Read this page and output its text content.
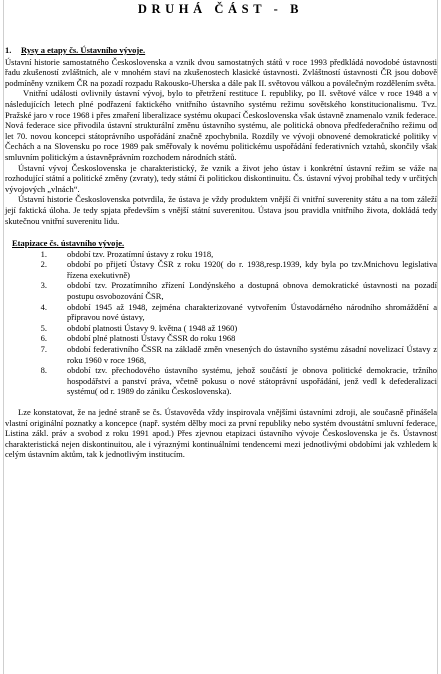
DRUHÁ ČÁST - B

1. Rysy a etapy čs. Ústavního vývoje.

Ústavní historie samostatného Československa a vznik dvou samostatných států v roce 1993 předkládá novodobé ústavnosti řadu zkušeností zvláštních, ale v mnohém staví na zkušenostech klasické ústavnosti. Zvláštností ústavnosti ČR jsou dobově podmíněny vznikem ČR na pozadí rozpadu Rakousko-Uherska a dále pak II. světovou válkou a poválečným rozdělením světa.

Vnitřní události ovlivnily ústavní vývoj, bylo to přetržení restituce I. republiky, po II. světové válce v roce 1948 a v následujících letech plné podřazení faktického vnitřního ústavního systému režimu sovětského konstitucionalismu. Tvz. Pražské jaro v roce 1968 i přes zmaření liberalizace systému okupací Československa však ústavně znamenalo vznik federace. Nová federace sice přivodila ústavní strukturální změnu ústavního systému, ale politická obnova předfederačního režimu od let 70. novou koncepci státoprávního uspořádání značně zpochybnila. Rozdíly ve vývoji obnovené demokratické politiky v Čechách a na Slovensku po roce 1989 pak směřovaly k novému politickému uspořádání federativních vztahů, skončily však smluvním politickým a ústavněprávním rozchodem národních států.

Ústavní vývoj Československa je charakteristický, že vznik a život jeho ústav i konkrétní ústavní režim se váže na rozhodující státní a politické změny (zvraty), tedy státní či politickou diskontinuitu. Čs. ústavní vývoj probíhal tedy v určitých vývojových „vlnách“.

Ústavní historie Československa potvrdila, že ústava je vždy produktem vnější či vnitřní suverenity státu a na tom záleží její faktická úloha. Je tedy spjata především s vnější státní suverenitou. Ústava jsou pravidla vnitřního života, dokládá tedy skutečnou vnitřní suverenitu lidu.

Etapizace čs. ústavního vývoje.

1. období tzv. Prozatímní ústavy z roku 1918,
2. období po přijetí Ústavy ČSR z roku 1920( do r. 1938,resp.1939, kdy byla po tzv.Mnichovu legislativa řízena exekutivně)
3. období tzv. Prozatímního zřízení Londýnského a dostupná obnova demokratické ústavnosti na pozadí postupu osvobozování ČSR,
4. období 1945 až 1948, zejména charakterizované vytvořením Ústavodárného národního shromáždění a připravou nové ústavy,
5. období platnosti Ústavy 9. května ( 1948 až 1960)
6. období plné platnosti Ústavy ČSSR do roku 1968
7. období federativního ČSSR na základě změn vnesených do ústavního systému zásadní novelizací Ústavy z roku 1960 v roce 1968,
8. období tzv. přechodového ústavního systému, jehož součástí je obnova politické demokracie, tržního hospodářství a panství práva, včetně pokusu o nové státoprávní uspořádání, jenž vedl k defederalizaci systému( od r. 1989 do zániku Československa).

Lze konstatovat, že na jedné straně se čs. Ústavověda vždy inspirovala vnějšími ústavními zdroji, ale současně přinášela vlastní originální poznatky a koncepce (např. systém dělby moci za první republiky nebo systém dvoustátní smluvní federace, Listina zákl. práv a svobod z roku 1991 apod.) Přes zjevnou etapizaci ústavního vývoje Československa je čs. Ústavnost charakteristická nejen diskontinuitou, ale i výraznými kontinuálními tendencemi mezi jednotlivými obdobími jak vzhledem k celým ústavním aktům, tak k jednotlivým institucím.
